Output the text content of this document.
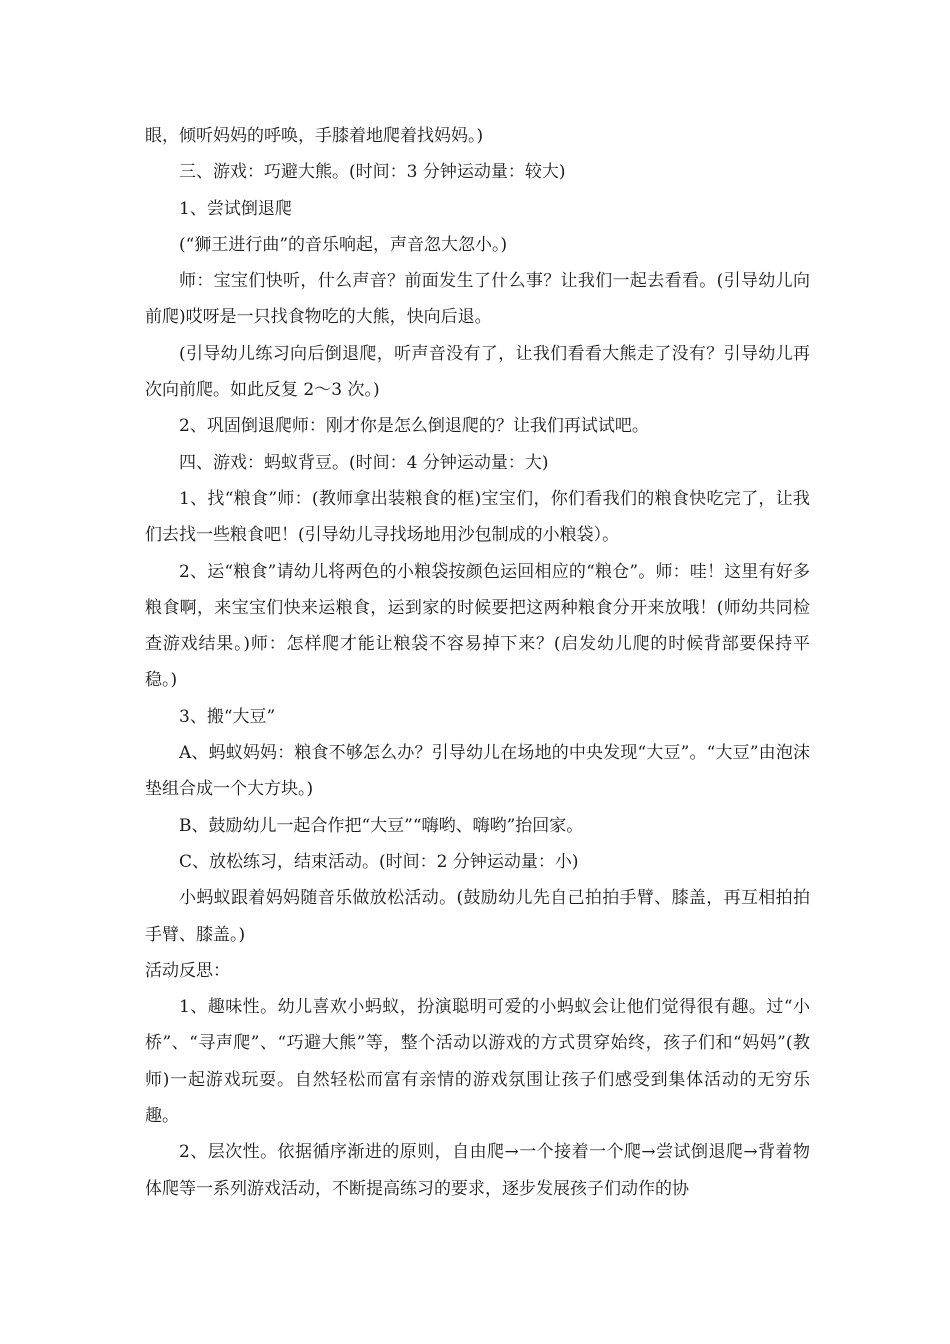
眼，倾听妈妈的呼唤，手膝着地爬着找妈妈。)

三、游戏：巧避大熊。(时间：3 分钟运动量：较大)

1、尝试倒退爬

(“狮王进行曲”的音乐响起，声音忽大忽小。)

师：宝宝们快听，什么声音？前面发生了什么事？让我们一起去看看。(引导幼儿向前爬)哎呀是一只找食物吃的大熊，快向后退。

(引导幼儿练习向后倒退爬，听声音没有了，让我们看看大熊走了没有？引导幼儿再次向前爬。如此反复 2～3 次。)

2、巩固倒退爬师：刚才你是怎么倒退爬的？让我们再试试吧。

四、游戏：蚂蚁背豆。(时间：4 分钟运动量：大)

1、找“粮食”师：(教师拿出装粮食的框)宝宝们，你们看我们的粮食快吃完了，让我们去找一些粮食吧！(引导幼儿寻找场地用沙包制成的小粮袋）。

2、运“粮食”请幼儿将两色的小粮袋按颜色运回相应的“粮仓”。师：哇！这里有好多粮食啊，来宝宝们快来运粮食，运到家的时候要把这两种粮食分开来放哦！(师幼共同检查游戏结果。)师：怎样爬才能让粮袋不容易掉下来？(启发幼儿爬的时候背部要保持平稳。)

3、搬“大豆”

A、蚂蚁妈妈：粮食不够怎么办？引导幼儿在场地的中央发现“大豆”。“大豆”由泡沫垫组合成一个大方块。)

B、鼓励幼儿一起合作把“大豆”“嗨哟、嗨哟”抬回家。

C、放松练习，结束活动。(时间：2 分钟运动量：小)

小蚂蚁跟着妈妈随音乐做放松活动。(鼓励幼儿先自己拍拍手臂、膝盖，再互相拍拍手臂、膝盖。)

活动反思：

1、趣味性。幼儿喜欢小蚂蚁，扮演聪明可爱的小蚂蚁会让他们觉得很有趣。过“小桥”、“寻声爬”、“巧避大熊”等，整个活动以游戏的方式贯穿始终，孩子们和“妈妈”(教师)一起游戏玩耍。自然轻松而富有亲情的游戏氛围让孩子们感受到集体活动的无穷乐趣。

2、层次性。依据循序渐进的原则，自由爬→一个接着一个爬→尝试倒退爬→背着物体爬等一系列游戏活动，不断提高练习的要求，逐步发展孩子们动作的协
